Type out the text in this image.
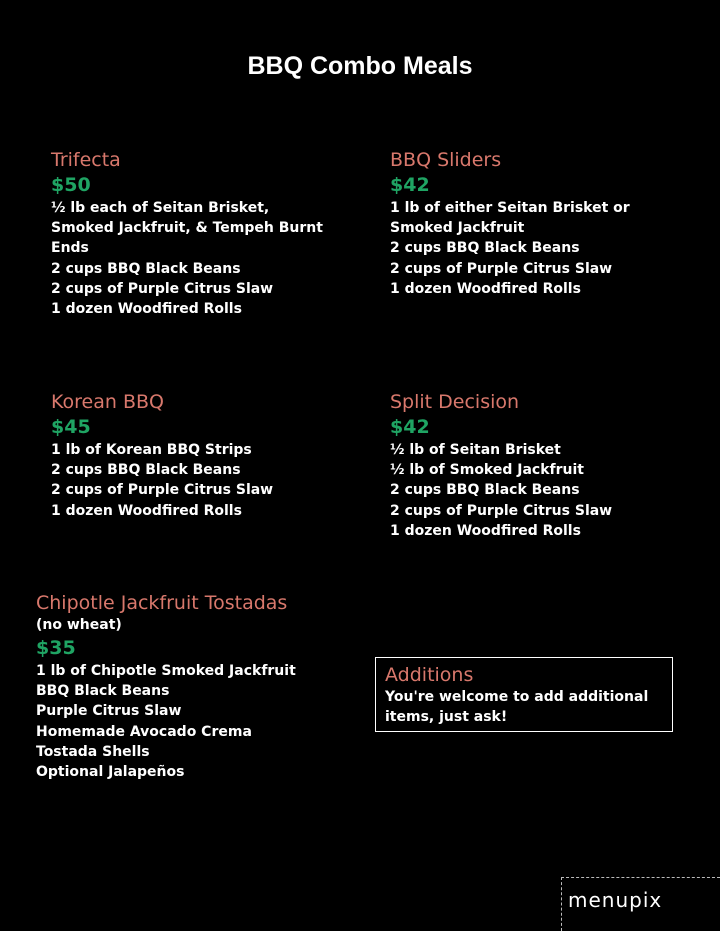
BBQ Combo Meals
Trifecta
$50
½ lb each of Seitan Brisket,
Smoked Jackfruit, & Tempeh Burnt
Ends
2 cups BBQ Black Beans
2 cups of Purple Citrus Slaw
1 dozen Woodfired Rolls
BBQ Sliders
$42
1 lb of either Seitan Brisket or
Smoked Jackfruit
2 cups BBQ Black Beans
2 cups of Purple Citrus Slaw
1 dozen Woodfired Rolls
Korean BBQ
$45
1 lb of Korean BBQ Strips
2 cups BBQ Black Beans
2 cups of Purple Citrus Slaw
1 dozen Woodfired Rolls
Split Decision
$42
½ lb of Seitan Brisket
½ lb of Smoked Jackfruit
2 cups BBQ Black Beans
2 cups of Purple Citrus Slaw
1 dozen Woodfired Rolls
Chipotle Jackfruit Tostadas
(no wheat)
$35
1 lb of Chipotle Smoked Jackfruit
BBQ Black Beans
Purple Citrus Slaw
Homemade Avocado Crema
Tostada Shells
Optional Jalapeños
Additions
You're welcome to add additional
items, just ask!
menupix
